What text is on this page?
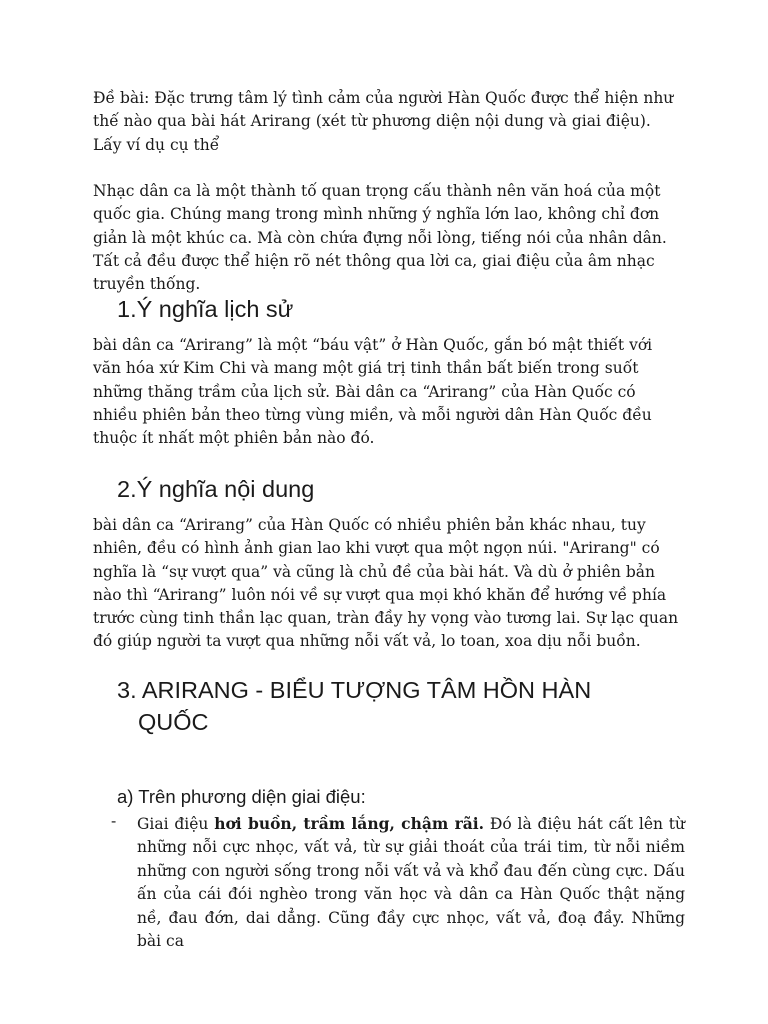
Đề bài: Đặc trưng tâm lý tình cảm của người Hàn Quốc được thể hiện như thế nào qua bài hát Arirang (xét từ phương diện nội dung và giai điệu). Lấy ví dụ cụ thể

Nhạc dân ca là một thành tố quan trọng cấu thành nên văn hoá của một quốc gia. Chúng mang trong mình những ý nghĩa lớn lao, không chỉ đơn giản là một khúc ca. Mà còn chứa đựng nỗi lòng, tiếng nói của nhân dân. Tất cả đều được thể hiện rõ nét thông qua lời ca, giai điệu của âm nhạc truyền thống.

1.Ý nghĩa lịch sử

bài dân ca “Arirang” là một “báu vật” ở Hàn Quốc, gắn bó mật thiết với văn hóa xứ Kim Chi và mang một giá trị tinh thần bất biến trong suốt những thăng trầm của lịch sử. Bài dân ca “Arirang” của Hàn Quốc có nhiều phiên bản theo từng vùng miền, và mỗi người dân Hàn Quốc đều thuộc ít nhất một phiên bản nào đó.

2.Ý nghĩa nội dung

bài dân ca “Arirang” của Hàn Quốc có nhiều phiên bản khác nhau, tuy nhiên, đều có hình ảnh gian lao khi vượt qua một ngọn núi. "Arirang" có nghĩa là “sự vượt qua” và cũng là chủ đề của bài hát. Và dù ở phiên bản nào thì “Arirang” luôn nói về sự vượt qua mọi khó khăn để hướng về phía trước cùng tinh thần lạc quan, tràn đầy hy vọng vào tương lai. Sự lạc quan đó giúp người ta vượt qua những nỗi vất vả, lo toan, xoa dịu nỗi buồn.

3. ARIRANG - BIỂU TƯỢNG TÂM HỒN HÀN
QUỐC
a) Trên phương diện giai điệu:
- Giai điệu hơi buồn, trầm lắng, chậm rãi. Đó là điệu hát cất lên từ những nỗi cực nhọc, vất vả, từ sự giải thoát của trái tim, từ nỗi niềm những con người sống trong nỗi vất vả và khổ đau đến cùng cực. Dấu ấn của cái đói nghèo trong văn học và dân ca Hàn Quốc thật nặng nề, đau đớn, dai dẳng. Cũng đầy cực nhọc, vất vả, đoạ đầy. Những bài ca
